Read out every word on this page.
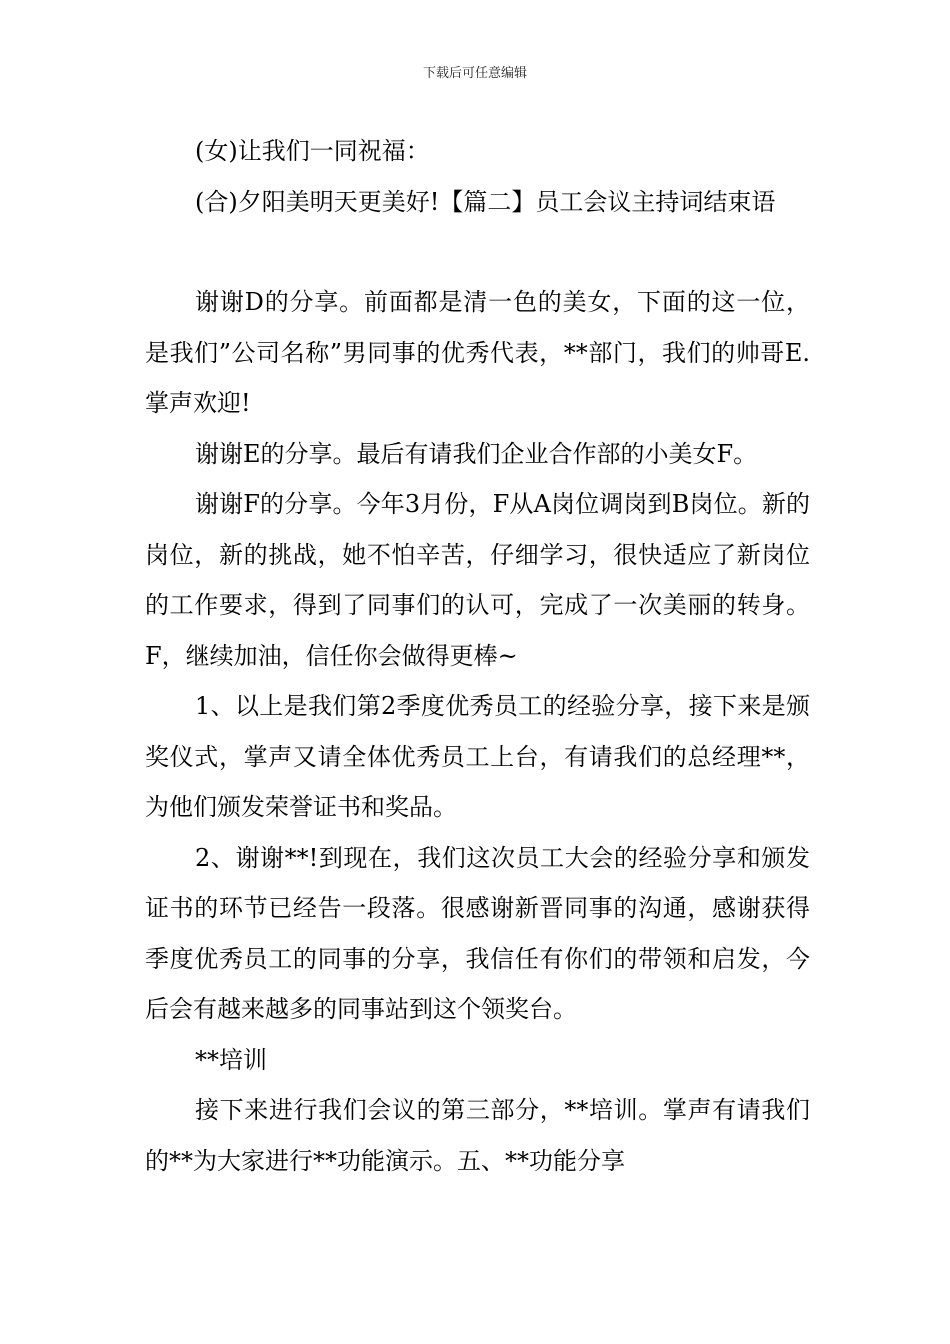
下载后可任意编辑

(女)让我们一同祝福：

(合)夕阳美明天更美好!【篇二】员工会议主持词结束语

谢谢D的分享。前面都是清一色的美女，下面的这一位，是我们”公司名称”男同事的优秀代表，**部门，我们的帅哥E.掌声欢迎!

谢谢E的分享。最后有请我们企业合作部的小美女F。

谢谢F的分享。今年3月份，F从A岗位调岗到B岗位。新的岗位，新的挑战，她不怕辛苦，仔细学习，很快适应了新岗位的工作要求，得到了同事们的认可，完成了一次美丽的转身。F，继续加油，信任你会做得更棒~

1、以上是我们第2季度优秀员工的经验分享，接下来是颁奖仪式，掌声又请全体优秀员工上台，有请我们的总经理**，为他们颁发荣誉证书和奖品。

2、谢谢**!到现在，我们这次员工大会的经验分享和颁发证书的环节已经告一段落。很感谢新晋同事的沟通，感谢获得季度优秀员工的同事的分享，我信任有你们的带领和启发，今后会有越来越多的同事站到这个领奖台。

**培训

接下来进行我们会议的第三部分，**培训。掌声有请我们的**为大家进行**功能演示。五、**功能分享
